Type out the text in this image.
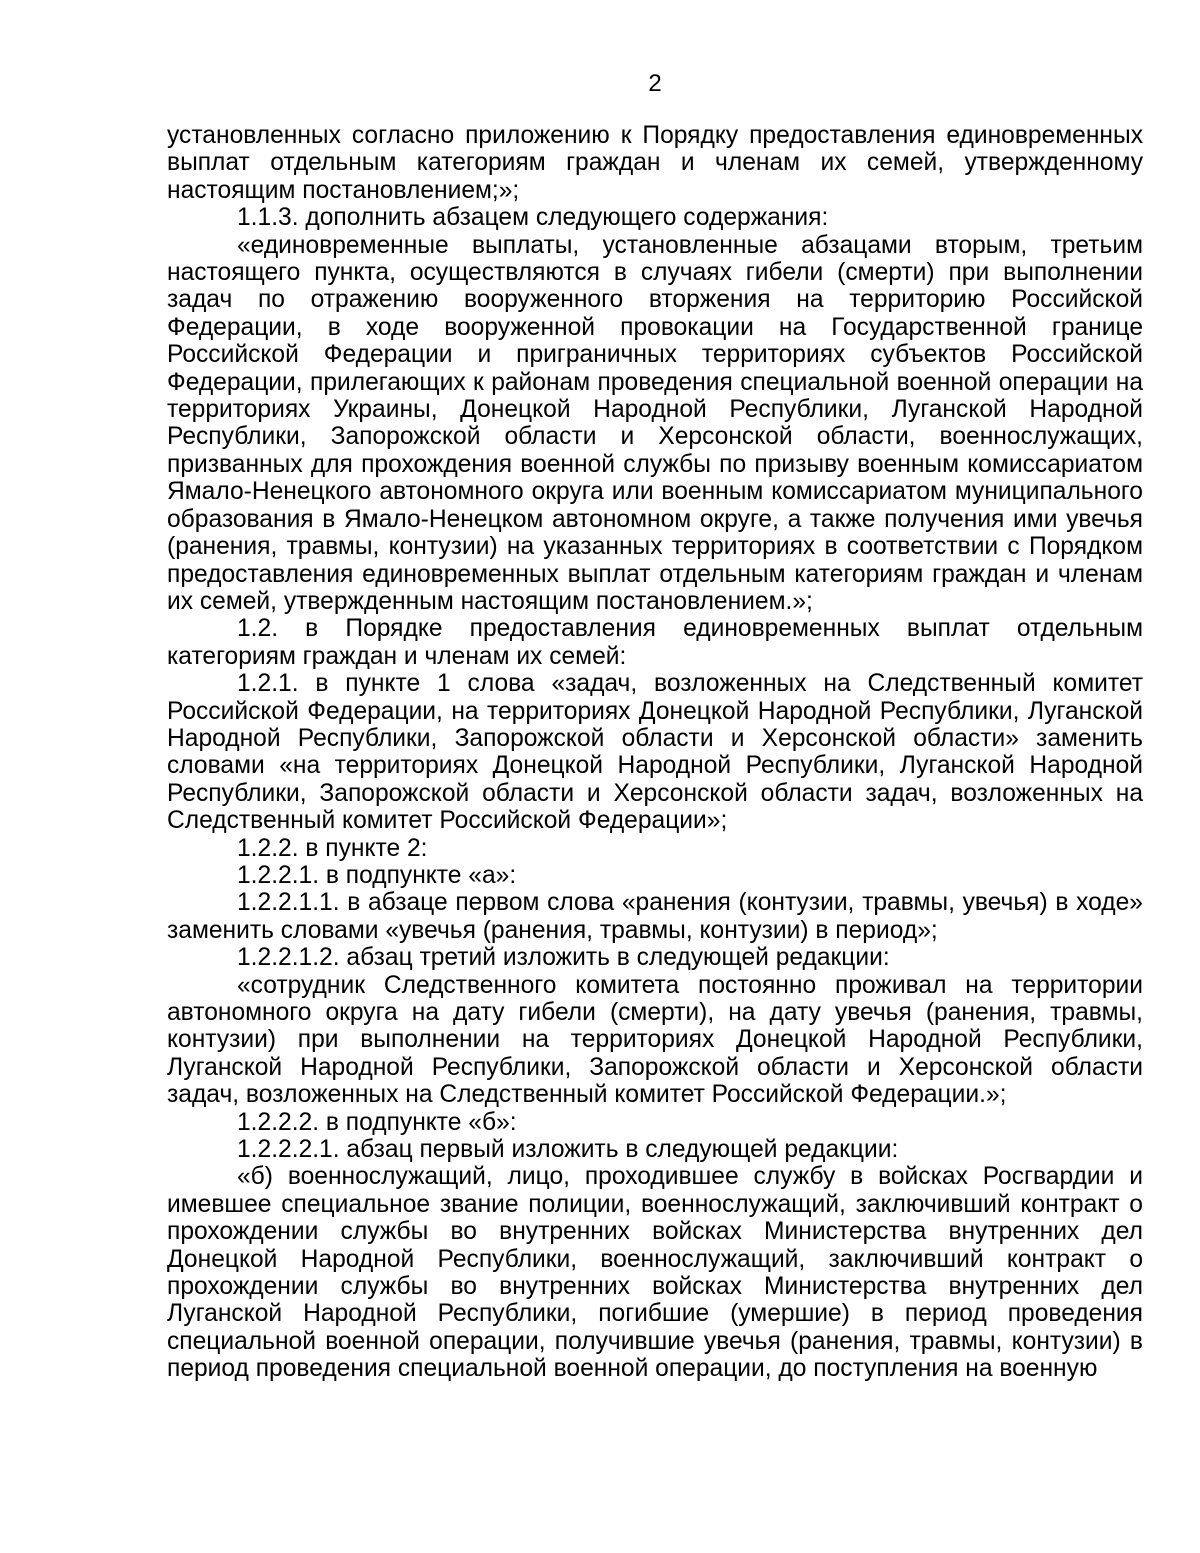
2

установленных согласно приложению к Порядку предоставления единовременных выплат отдельным категориям граждан и членам их семей, утвержденному настоящим постановлением;»;

1.1.3. дополнить абзацем следующего содержания:

«единовременные выплаты, установленные абзацами вторым, третьим настоящего пункта, осуществляются в случаях гибели (смерти) при выполнении задач по отражению вооруженного вторжения на территорию Российской Федерации, в ходе вооруженной провокации на Государственной границе Российской Федерации и приграничных территориях субъектов Российской Федерации, прилегающих к районам проведения специальной военной операции на территориях Украины, Донецкой Народной Республики, Луганской Народной Республики, Запорожской области и Херсонской области, военнослужащих, призванных для прохождения военной службы по призыву военным комиссариатом Ямало-Ненецкого автономного округа или военным комиссариатом муниципального образования в Ямало-Ненецком автономном округе, а также получения ими увечья (ранения, травмы, контузии) на указанных территориях в соответствии с Порядком предоставления единовременных выплат отдельным категориям граждан и членам их семей, утвержденным настоящим постановлением.»;

1.2. в Порядке предоставления единовременных выплат отдельным категориям граждан и членам их семей:

1.2.1. в пункте 1 слова «задач, возложенных на Следственный комитет Российской Федерации, на территориях Донецкой Народной Республики, Луганской Народной Республики, Запорожской области и Херсонской области» заменить словами «на территориях Донецкой Народной Республики, Луганской Народной Республики, Запорожской области и Херсонской области задач, возложенных на Следственный комитет Российской Федерации»;

1.2.2. в пункте 2:

1.2.2.1. в подпункте «а»:

1.2.2.1.1. в абзаце первом слова «ранения (контузии, травмы, увечья) в ходе» заменить словами «увечья (ранения, травмы, контузии) в период»;

1.2.2.1.2. абзац третий изложить в следующей редакции:

«сотрудник Следственного комитета постоянно проживал на территории автономного округа на дату гибели (смерти), на дату увечья (ранения, травмы, контузии) при выполнении на территориях Донецкой Народной Республики, Луганской Народной Республики, Запорожской области и Херсонской области задач, возложенных на Следственный комитет Российской Федерации.»;

1.2.2.2. в подпункте «б»:

1.2.2.2.1. абзац первый изложить в следующей редакции:

«б) военнослужащий, лицо, проходившее службу в войсках Росгвардии и имевшее специальное звание полиции, военнослужащий, заключивший контракт о прохождении службы во внутренних войсках Министерства внутренних дел Донецкой Народной Республики, военнослужащий, заключивший контракт о прохождении службы во внутренних войсках Министерства внутренних дел Луганской Народной Республики, погибшие (умершие) в период проведения специальной военной операции, получившие увечья (ранения, травмы, контузии) в период проведения специальной военной операции, до поступления на военную
